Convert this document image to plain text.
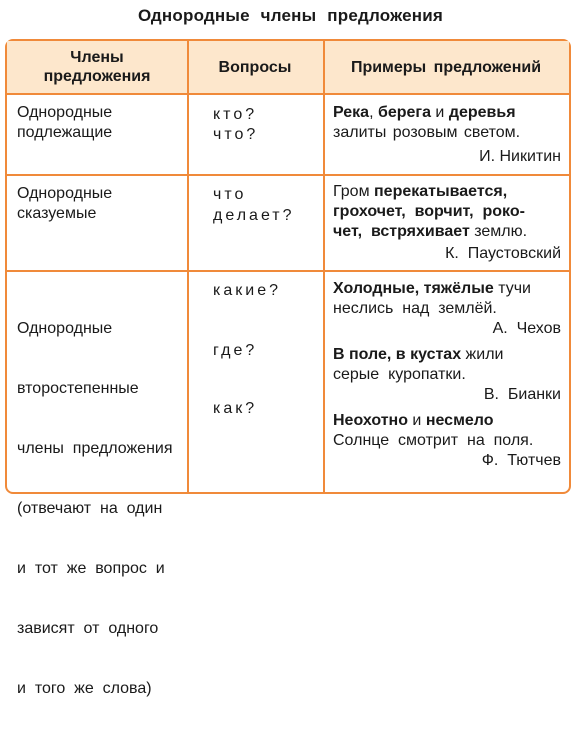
Однородные члены предложения
Члены предложения
Вопросы	Примеры предложений
Однородные
подлежащие
кто?
что?

Река, берега и деревья

залиты розовым светом.

И. Никитин

Однородные
сказуемые
что
делает?

Гром перекатывается,

грохочет,  ворчит,  роко-

чет,  встряхивает землю.

К.  Паустовский

Однородные

второстепенные

члены  предложения

(отвечают  на  один

и  тот  же  вопрос  и

зависят  от  одного

и  того  же  слова)

какие?
где?
как?

Холодные, тяжёлые тучи

неслись  над  землёй.

А.  Чехов

В поле, в кустах жили

серые  куропатки.

В.  Бианки

Неохотно и несмело

Солнце  смотрит  на  поля.

Ф.  Тютчев
